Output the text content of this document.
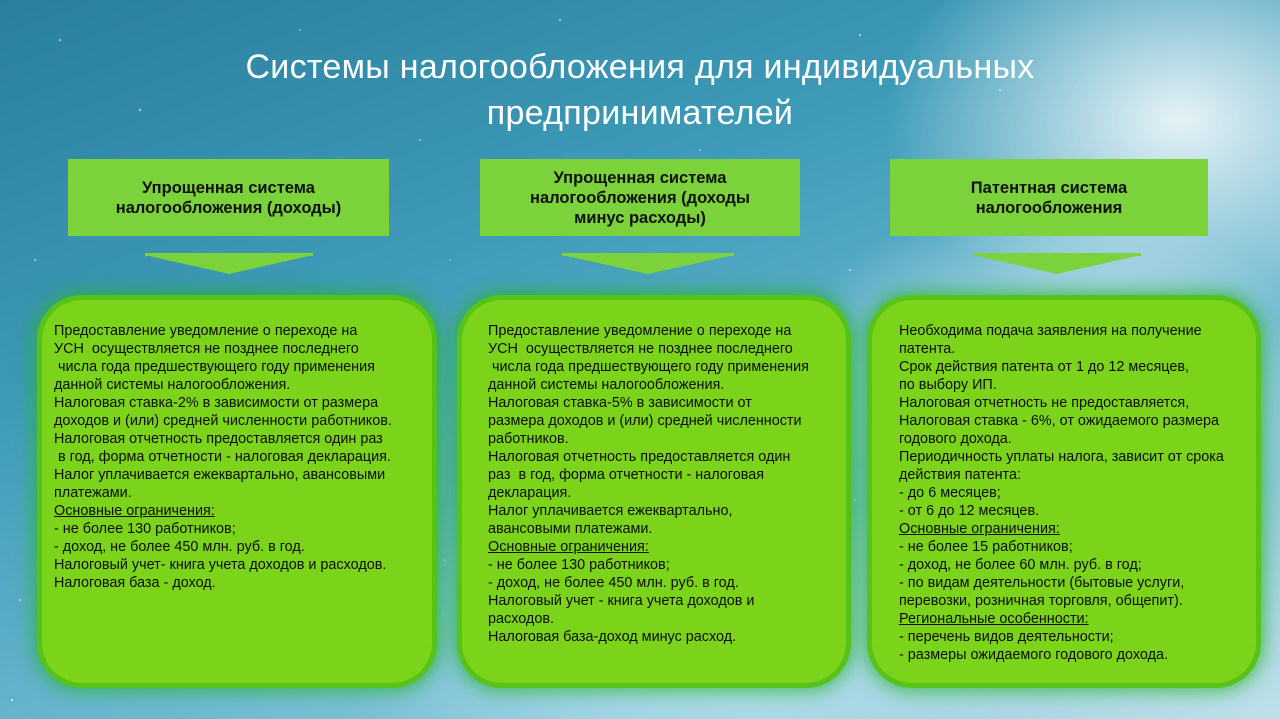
Системы налогообложения для индивидуальных
предпринимателей
Упрощенная система
налогообложения (доходы)
Предоставление уведомление о переходе на
УСН  осуществляется не позднее последнего
числа года предшествующего году применения
данной системы налогообложения.
Налоговая ставка-2% в зависимости от размера
доходов и (или) средней численности работников.
Налоговая отчетность предоставляется один раз
в год, форма отчетности - налоговая декларация.
Налог уплачивается ежеквартально, авансовыми
платежами.
Основные ограничения:
- не более 130 работников;
- доход, не более 450 млн. руб. в год.
Налоговый учет- книга учета доходов и расходов.
Налоговая база - доход.
Упрощенная система
налогообложения (доходы
минус расходы)
Предоставление уведомление о переходе на
УСН  осуществляется не позднее последнего
числа года предшествующего году применения
данной системы налогообложения.
Налоговая ставка-5% в зависимости от
размера доходов и (или) средней численности
работников.
Налоговая отчетность предоставляется один
раз  в год, форма отчетности - налоговая
декларация.
Налог уплачивается ежеквартально,
авансовыми платежами.
Основные ограничения:
- не более 130 работников;
- доход, не более 450 млн. руб. в год.
Налоговый учет - книга учета доходов и
расходов.
Налоговая база-доход минус расход.
Патентная система
налогообложения
Необходима подача заявления на получение
патента.
Срок действия патента от 1 до 12 месяцев,
по выбору ИП.
Налоговая отчетность не предоставляется,
Налоговая ставка - 6%, от ожидаемого размера
годового дохода.
Периодичность уплаты налога, зависит от срока
действия патента:
- до 6 месяцев;
- от 6 до 12 месяцев.
Основные ограничения:
- не более 15 работников;
- доход, не более 60 млн. руб. в год;
- по видам деятельности (бытовые услуги,
перевозки, розничная торговля, общепит).
Региональные особенности:
- перечень видов деятельности;
- размеры ожидаемого годового дохода.
